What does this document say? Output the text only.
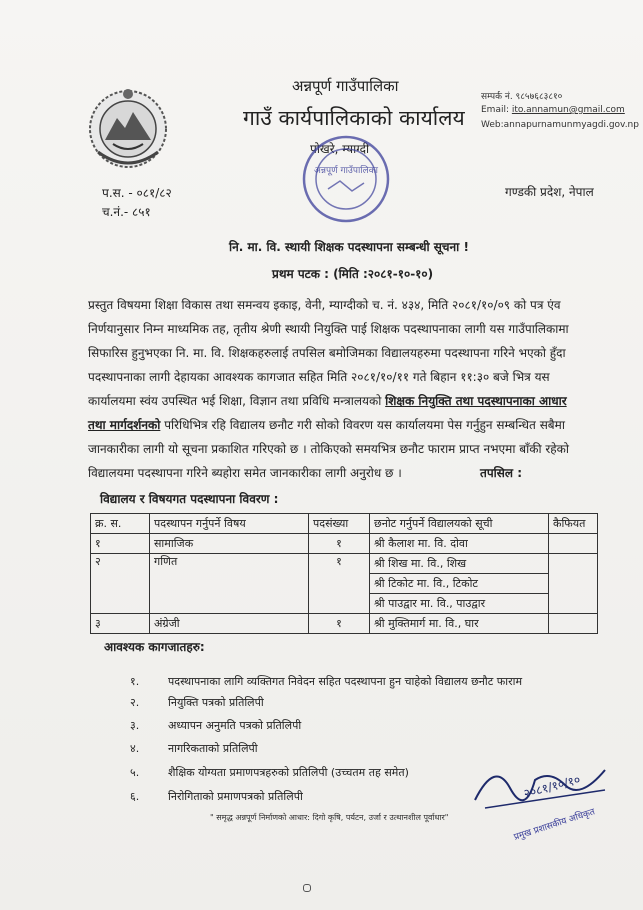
अन्नपूर्ण गाउँपालिका
गाउँ कार्यपालिकाको कार्यालय
पोखरे, म्याग्दी
सम्पर्क नं. ९८५७६८३८१०
Email: ito.annamun@gmail.com
Web:annapurnamunmyagdi.gov.np
प.स. - ०८१/८२
च.नं.- ८५१
गण्डकी प्रदेश, नेपाल
अन्नपूर्ण गाउँपालिका
नि. मा. वि. स्थायी शिक्षक पदस्थापना सम्बन्धी सूचना !
प्रथम पटक : (मिति :२०८१-१०-१०)
प्रस्तुत विषयमा शिक्षा विकास तथा समन्वय इकाइ, वेनी, म्याग्दीको च. नं. ४३४, मिति २०८१/१०/०९ को पत्र एंव
निर्णयानुसार निम्न माध्यमिक तह, तृतीय श्रेणी स्थायी नियुक्ति पाई शिक्षक पदस्थापनाका लागी यस गाउँपालिकामा
सिफारिस हुनुभएका नि. मा. वि. शिक्षकहरुलाई तपसिल बमोजिमका विद्यालयहरुमा पदस्थापना गरिने भएको हुँदा
पदस्थापनाका लागी देहायका आवश्यक कागजात सहित मिति २०८१/१०/११ गते बिहान ११:३० बजे भित्र यस
कार्यालयमा स्वंय उपस्थित भई शिक्षा, विज्ञान तथा प्रविधि मन्त्रालयको शिक्षक नियुक्ति तथा पदस्थापनाका आधार
तथा मार्गदर्शनको परिधिभित्र रहि विद्यालय छनौट गरी सोको विवरण यस कार्यालयमा पेस गर्नुहुन सम्बन्धित सबैमा
जानकारीका लागी यो सूचना प्रकाशित गरिएको छ । तोकिएको समयभित्र छनौट फाराम प्राप्त नभएमा बाँकी रहेको
विद्यालयमा पदस्थापना गरिने ब्यहोरा समेत जानकारीका लागी अनुरोध छ ।	तपसिल :
विद्यालय र विषयगत पदस्थापना विवरण :
क्र. स.	पदस्थापन गर्नुपर्ने विषय	पदसंख्या	छनोट गर्नुपर्ने विद्यालयको सूची	कैफियत
१	सामाजिक	१	श्री कैलाश मा. वि. दोवा	
२	गणित	१	श्री शिख मा. वि., शिख	
			श्री टिकोट मा. वि., टिकोट	
			श्री पाउद्वार मा. वि., पाउद्वार	
३	अंग्रेजी	१	श्री मुक्तिमार्ग मा. वि., घार	
आवश्यक कागजातहरु:
१.	पदस्थापनाका लागि व्यक्तिगत निवेदन सहित पदस्थापना हुन चाहेको विद्यालय छनौट फाराम
२.	नियुक्ति पत्रको प्रतिलिपी
३.	अध्यापन अनुमति पत्रको प्रतिलिपी
४.	नागरिकताको प्रतिलिपी
५.	शैक्षिक योग्यता प्रमाणपत्रहरुको प्रतिलिपी (उच्चतम तह समेत)
६.	निरोगिताको प्रमाणपत्रको प्रतिलिपी	२०८१/१०/१०
प्रमुख प्रशासकीय अधिकृत
" समृद्ध अन्नपूर्ण निर्माणको आधार: दिगो कृषि, पर्यटन, उर्जा र उत्थानशील पूर्वाधार"
